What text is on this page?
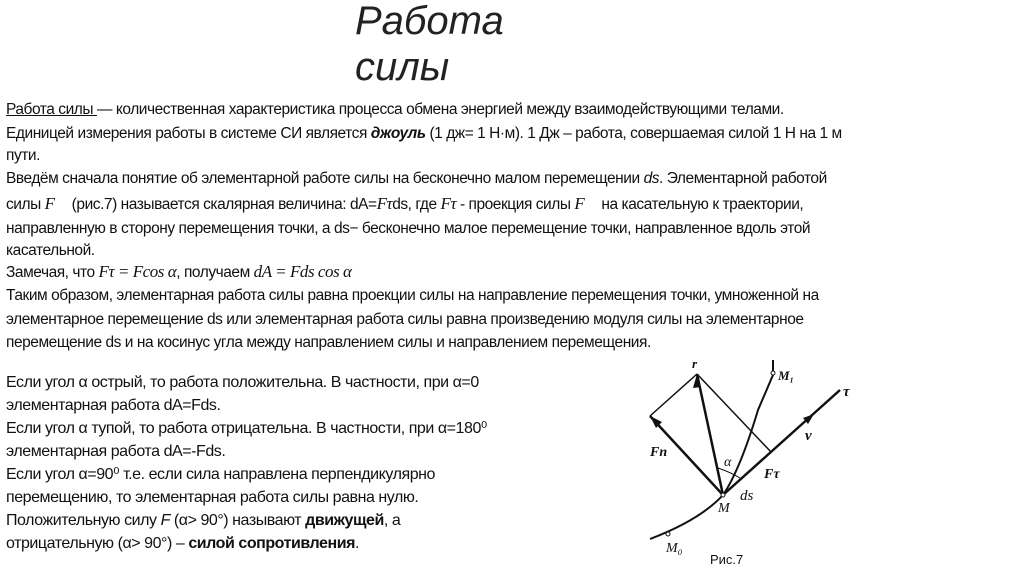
Работа
силы
Работа силы — количественная характеристика процесса обмена энергией между взаимодействующими телами.
Единицей измерения работы в системе СИ является джоуль (1 дж= 1 Н·м). 1 Дж – работа, совершаемая силой 1 Н на 1 м
пути.
Введём сначала понятие об элементарной работе силы на бесконечно малом перемещении ds. Элементарной работой
силы F⃗ (рис.7) называется скалярная величина: dA=Fτds, где Fτ - проекция силы F⃗ на касательную к траектории,
направленную в сторону перемещения точки, а ds− бесконечно малое перемещение точки, направленное вдоль этой
касательной.
Замечая, что Fτ = Fcos α, получаем dA = Fds cos α
Таким образом, элементарная работа силы равна проекции силы на направление перемещения точки, умноженной на
элементарное перемещение ds или элементарная работа силы равна произведению модуля силы на элементарное
перемещение ds и на косинус угла между направлением силы и направлением перемещения.
Если угол α острый, то работа положительна. В частности, при α=0
элементарная работа dA=Fds.
Если угол α тупой, то работа отрицательна. В частности, при α=180⁰
элементарная работа dA=-Fds.
Если угол α=90⁰ т.е. если сила направлена перпендикулярно
перемещению, то элементарная работа силы равна нулю.
Положительную силу F (α> 90°) называют движущей, а
отрицательную (α> 90°) – силой сопротивления.
r
M₁
τ
v
Fn
α
Fτ
ds
M
M₀
Рис.7
